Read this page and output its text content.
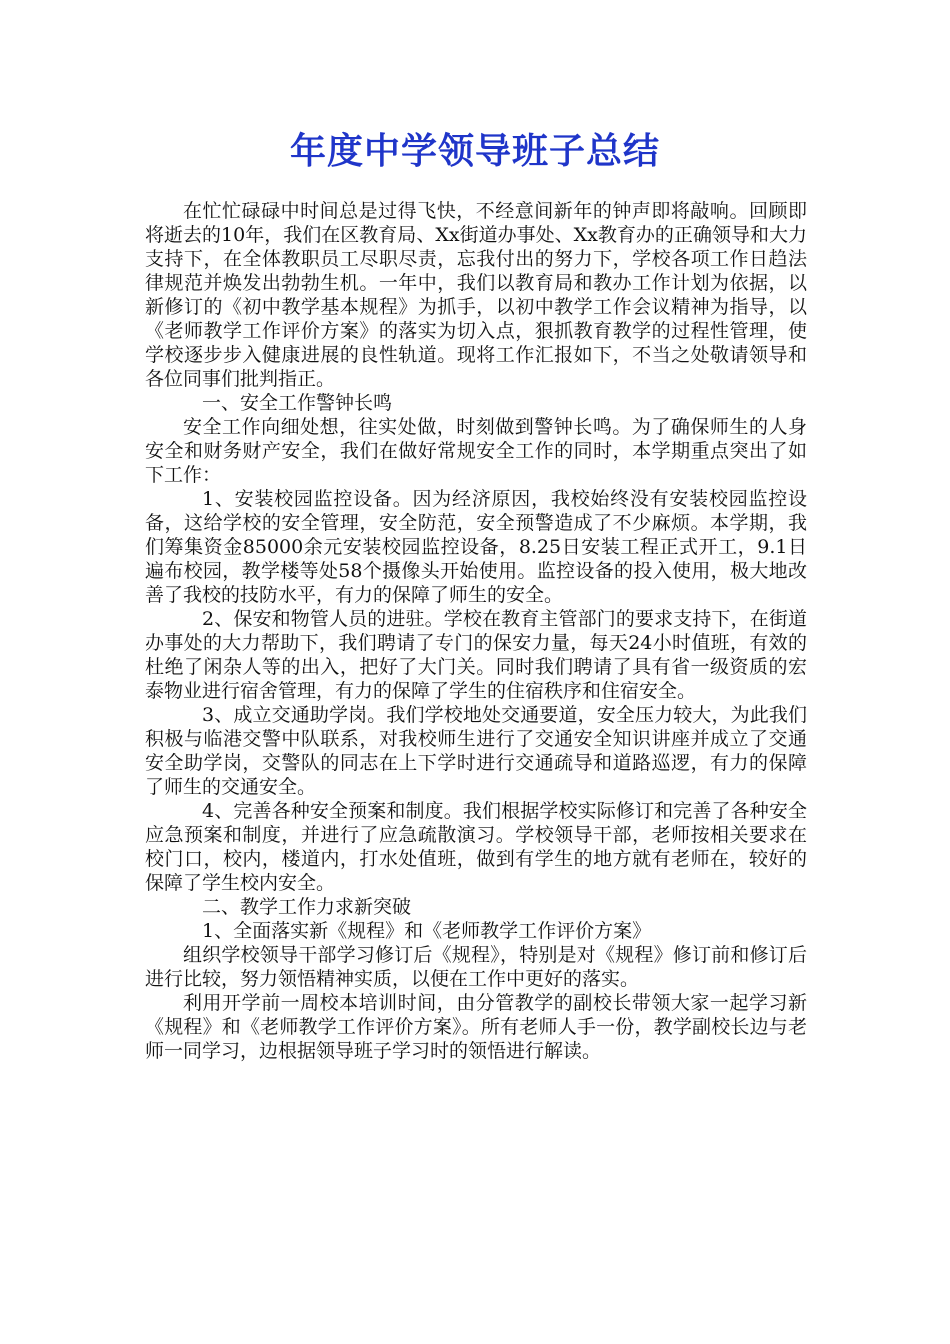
年度中学领导班子总结

在忙忙碌碌中时间总是过得飞快，不经意间新年的钟声即将敲响。回顾即将逝去的10年，我们在区教育局、Xx街道办事处、Xx教育办的正确领导和大力支持下，在全体教职员工尽职尽责，忘我付出的努力下，学校各项工作日趋法律规范并焕发出勃勃生机。一年中，我们以教育局和教办工作计划为依据，以新修订的《初中教学基本规程》为抓手，以初中教学工作会议精神为指导，以《老师教学工作评价方案》的落实为切入点，狠抓教育教学的过程性管理，使学校逐步步入健康进展的良性轨道。现将工作汇报如下，不当之处敬请领导和各位同事们批判指正。

一、安全工作警钟长鸣

安全工作向细处想，往实处做，时刻做到警钟长鸣。为了确保师生的人身安全和财务财产安全，我们在做好常规安全工作的同时，本学期重点突出了如下工作：

1、安装校园监控设备。因为经济原因，我校始终没有安装校园监控设备，这给学校的安全管理，安全防范，安全预警造成了不少麻烦。本学期，我们筹集资金85000余元安装校园监控设备，8.25日安装工程正式开工，9.1日遍布校园，教学楼等处58个摄像头开始使用。监控设备的投入使用，极大地改善了我校的技防水平，有力的保障了师生的安全。

2、保安和物管人员的进驻。学校在教育主管部门的要求支持下，在街道办事处的大力帮助下，我们聘请了专门的保安力量，每天24小时值班，有效的杜绝了闲杂人等的出入，把好了大门关。同时我们聘请了具有省一级资质的宏泰物业进行宿舍管理，有力的保障了学生的住宿秩序和住宿安全。

3、成立交通助学岗。我们学校地处交通要道，安全压力较大，为此我们积极与临港交警中队联系，对我校师生进行了交通安全知识讲座并成立了交通安全助学岗，交警队的同志在上下学时进行交通疏导和道路巡逻，有力的保障了师生的交通安全。

4、完善各种安全预案和制度。我们根据学校实际修订和完善了各种安全应急预案和制度，并进行了应急疏散演习。学校领导干部，老师按相关要求在校门口，校内，楼道内，打水处值班，做到有学生的地方就有老师在，较好的保障了学生校内安全。

二、教学工作力求新突破

1、全面落实新《规程》和《老师教学工作评价方案》

组织学校领导干部学习修订后《规程》，特别是对《规程》修订前和修订后进行比较，努力领悟精神实质，以便在工作中更好的落实。

利用开学前一周校本培训时间，由分管教学的副校长带领大家一起学习新《规程》和《老师教学工作评价方案》。所有老师人手一份，教学副校长边与老师一同学习，边根据领导班子学习时的领悟进行解读。
